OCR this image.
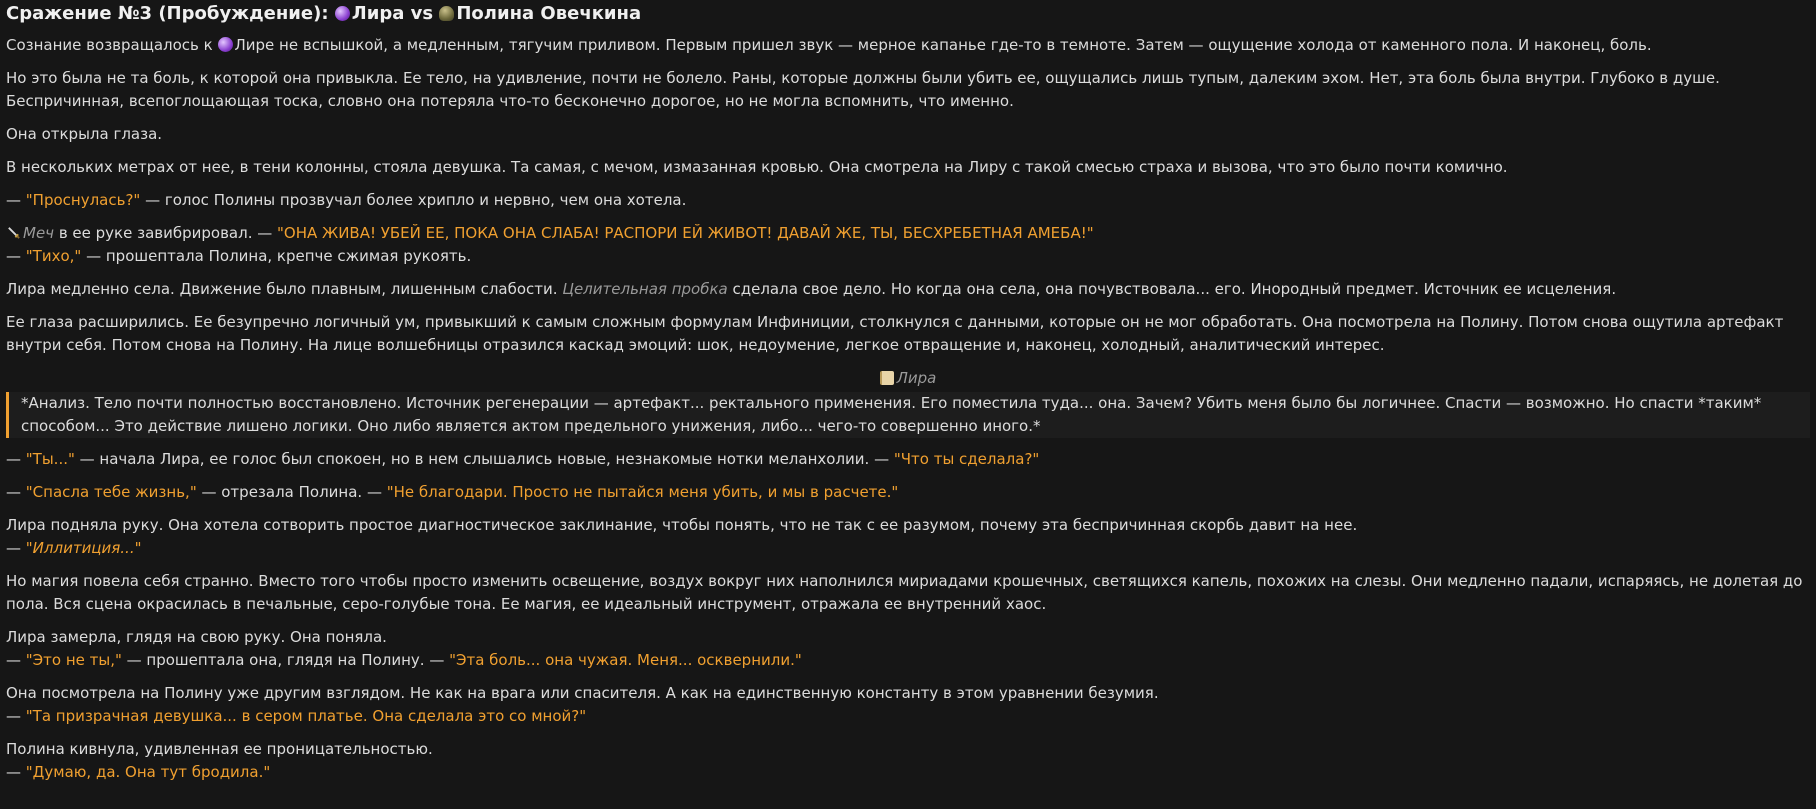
Сражение №3 (Пробуждение): Лира vs Полина Овечкина

Сознание возвращалось к Лире не вспышкой, а медленным, тягучим приливом. Первым пришел звук — мерное капанье где-то в темноте. Затем — ощущение холода от каменного пола. И наконец, боль.

Но это была не та боль, к которой она привыкла. Ее тело, на удивление, почти не болело. Раны, которые должны были убить ее, ощущались лишь тупым, далеким эхом. Нет, эта боль была внутри. Глубоко в душе. Беспричинная, всепоглощающая тоска, словно она потеряла что-то бесконечно дорогое, но не могла вспомнить, что именно.

Она открыла глаза.

В нескольких метрах от нее, в тени колонны, стояла девушка. Та самая, с мечом, измазанная кровью. Она смотрела на Лиру с такой смесью страха и вызова, что это было почти комично.

— "Проснулась?" — голос Полины прозвучал более хрипло и нервно, чем она хотела.

Меч в ее руке завибрировал. — "ОНА ЖИВА! УБЕЙ ЕЕ, ПОКА ОНА СЛАБА! РАСПОРИ ЕЙ ЖИВОТ! ДАВАЙ ЖЕ, ТЫ, БЕСХРЕБЕТНАЯ АМЕБА!"

— "Тихо," — прошептала Полина, крепче сжимая рукоять.

Лира медленно села. Движение было плавным, лишенным слабости. Целительная пробка сделала свое дело. Но когда она села, она почувствовала... его. Инородный предмет. Источник ее исцеления.

Ее глаза расширились. Ее безупречно логичный ум, привыкший к самым сложным формулам Инфиниции, столкнулся с данными, которые он не мог обработать. Она посмотрела на Полину. Потом снова ощутила артефакт внутри себя. Потом снова на Полину. На лице волшебницы отразился каскад эмоций: шок, недоумение, легкое отвращение и, наконец, холодный, аналитический интерес.

Лира
*Анализ. Тело почти полностью восстановлено. Источник регенерации — артефакт... ректального применения. Его поместила туда... она. Зачем? Убить меня было бы логичнее. Спасти — возможно. Но спасти *таким* способом... Это действие лишено логики. Оно либо является актом предельного унижения, либо... чего-то совершенно иного.*

— "Ты..." — начала Лира, ее голос был спокоен, но в нем слышались новые, незнакомые нотки меланхолии. — "Что ты сделала?"

— "Спасла тебе жизнь," — отрезала Полина. — "Не благодари. Просто не пытайся меня убить, и мы в расчете."

Лира подняла руку. Она хотела сотворить простое диагностическое заклинание, чтобы понять, что не так с ее разумом, почему эта беспричинная скорбь давит на нее.

— "Иллитиция..."

Но магия повела себя странно. Вместо того чтобы просто изменить освещение, воздух вокруг них наполнился мириадами крошечных, светящихся капель, похожих на слезы. Они медленно падали, испаряясь, не долетая до пола. Вся сцена окрасилась в печальные, серо-голубые тона. Ее магия, ее идеальный инструмент, отражала ее внутренний хаос.

Лира замерла, глядя на свою руку. Она поняла.

— "Это не ты," — прошептала она, глядя на Полину. — "Эта боль... она чужая. Меня... осквернили."

Она посмотрела на Полину уже другим взглядом. Не как на врага или спасителя. А как на единственную константу в этом уравнении безумия.

— "Та призрачная девушка... в сером платье. Она сделала это со мной?"

Полина кивнула, удивленная ее проницательностью.

— "Думаю, да. Она тут бродила."
